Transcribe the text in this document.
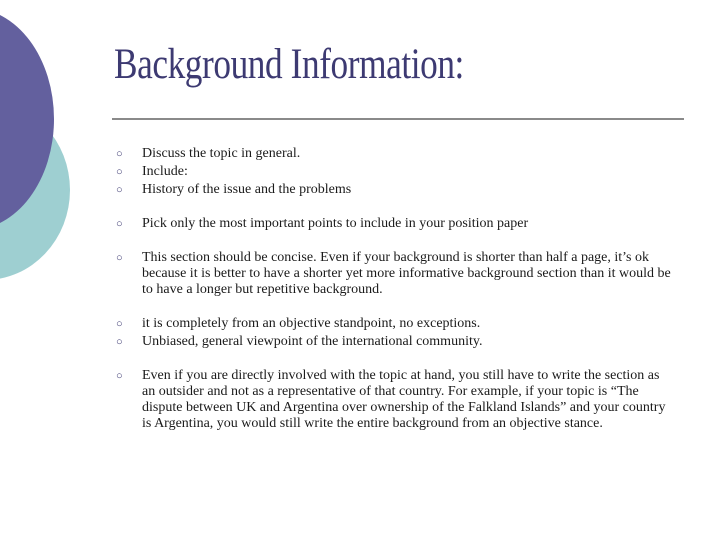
Background Information:
○	Discuss the topic in general.
○	Include:
○	History of the issue and the problems
○	Pick only the most important points to include in your position paper
○	This section should be concise. Even if your background is shorter than half a page, it’s ok because it is better to have a shorter yet more informative background section than it would be to have a longer but repetitive background.
○	it is completely from an objective standpoint, no exceptions.
○	Unbiased, general viewpoint of the international community.
○	Even if you are directly involved with the topic at hand, you still have to write the section as an outsider and not as a representative of that country. For example, if your topic is “The dispute between UK and Argentina over ownership of the Falkland Islands” and your country is Argentina, you would still write the entire background from an objective stance.
